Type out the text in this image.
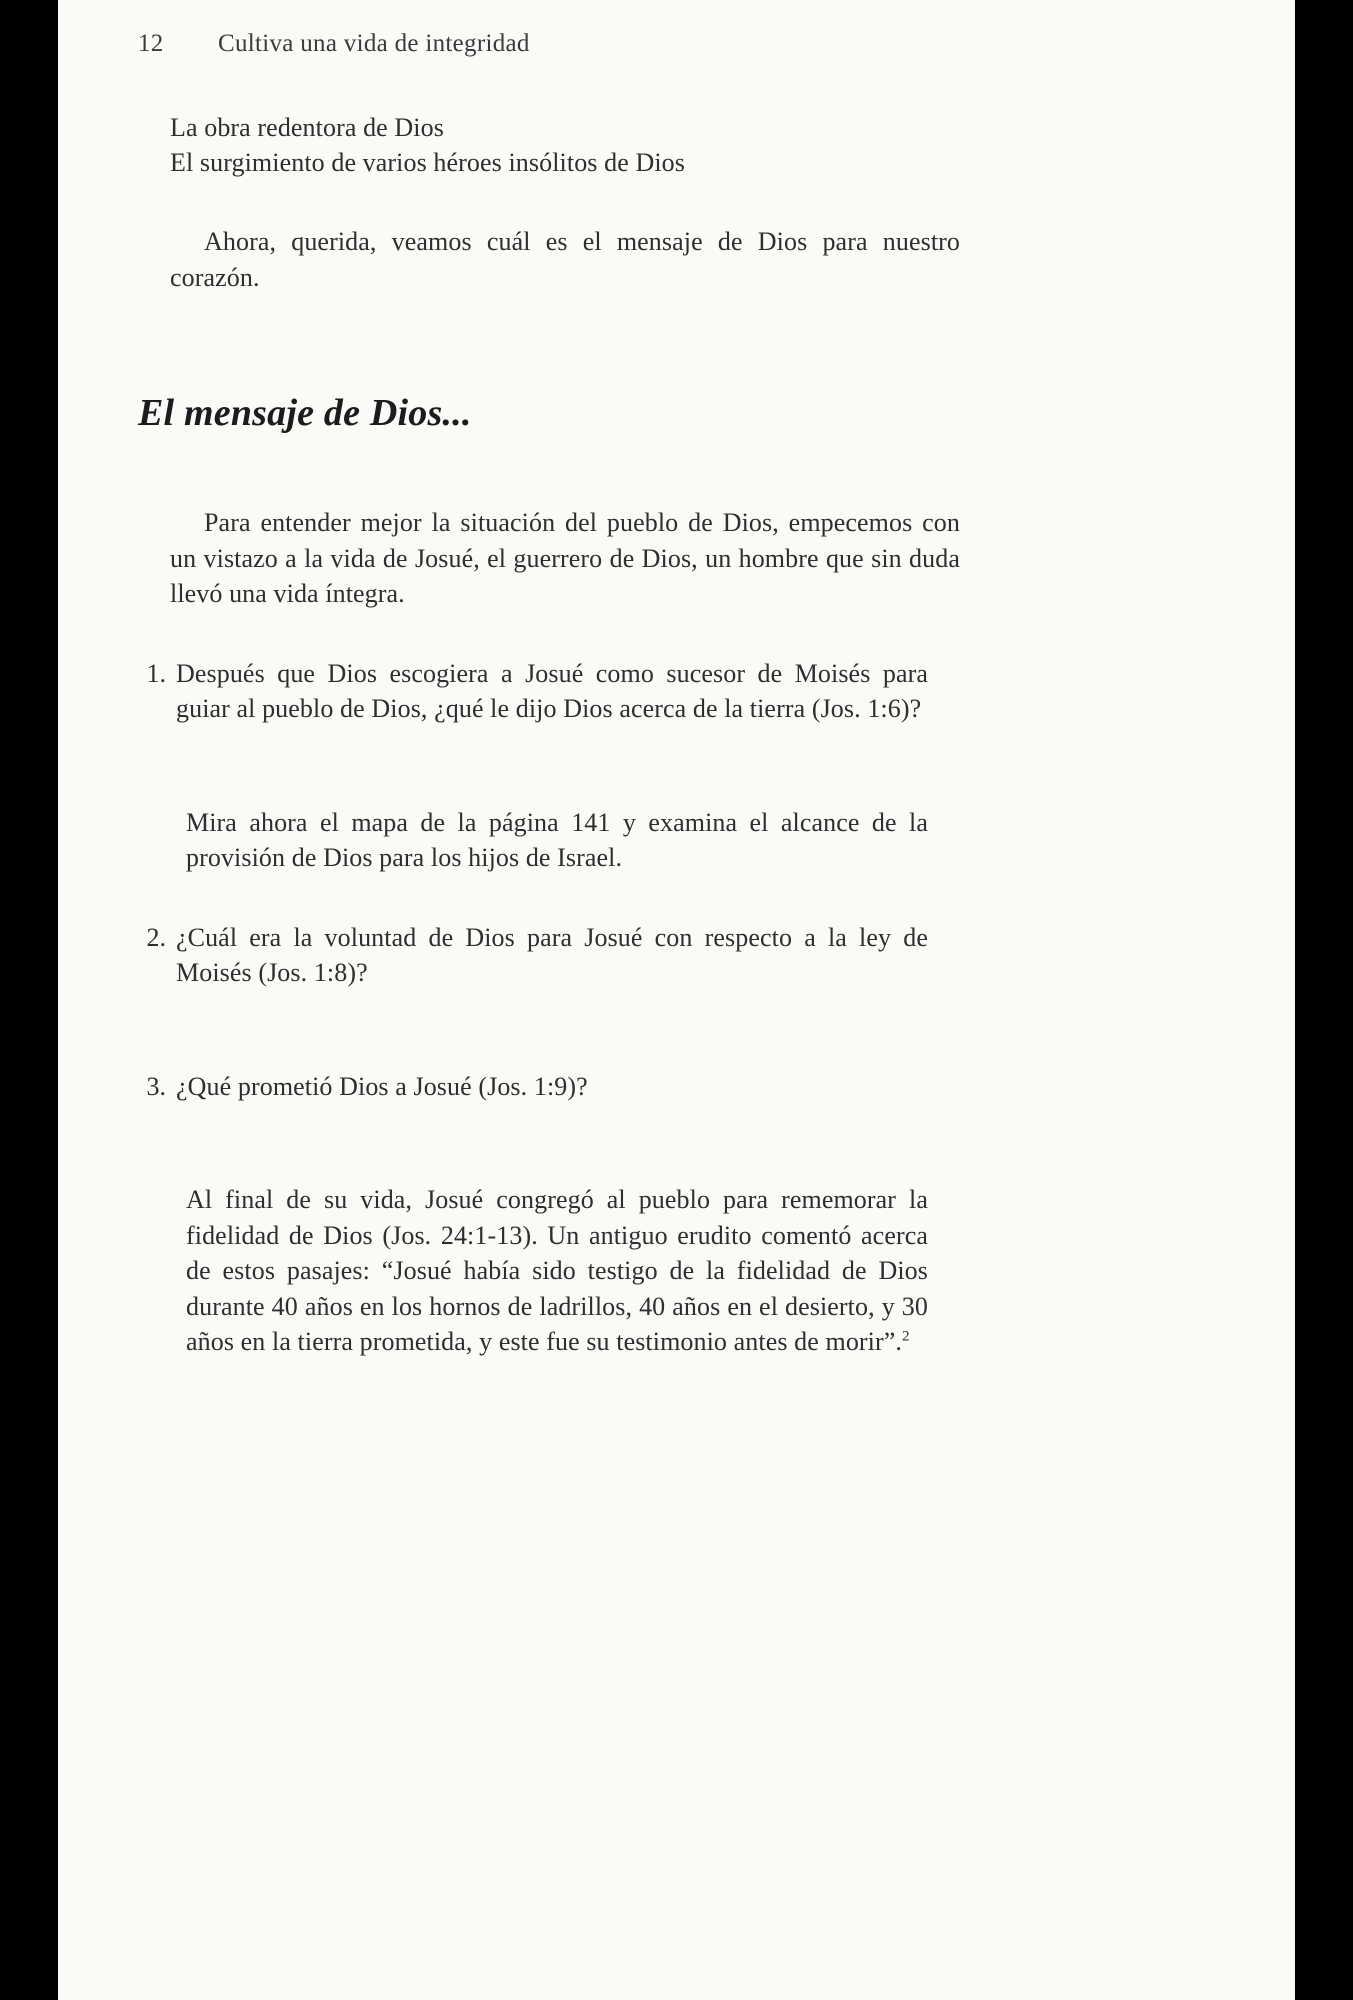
12	Cultiva una vida de integridad
La obra redentora de Dios
El surgimiento de varios héroes insólitos de Dios

Ahora, querida, veamos cuál es el mensaje de Dios para nuestro corazón.

El mensaje de Dios...

Para entender mejor la situación del pueblo de Dios, empecemos con un vistazo a la vida de Josué, el guerrero de Dios, un hombre que sin duda llevó una vida íntegra.

1. Después que Dios escogiera a Josué como sucesor de Moisés para guiar al pueblo de Dios, ¿qué le dijo Dios acerca de la tierra (Jos. 1:6)?

Mira ahora el mapa de la página 141 y examina el alcance de la provisión de Dios para los hijos de Israel.

2. ¿Cuál era la voluntad de Dios para Josué con respecto a la ley de Moisés (Jos. 1:8)?
3. ¿Qué prometió Dios a Josué (Jos. 1:9)?

Al final de su vida, Josué congregó al pueblo para rememorar la fidelidad de Dios (Jos. 24:1-13). Un antiguo erudito comentó acerca de estos pasajes: “Josué había sido testigo de la fidelidad de Dios durante 40 años en los hornos de ladrillos, 40 años en el desierto, y 30 años en la tierra prometida, y este fue su testimonio antes de morir”.$^2$
